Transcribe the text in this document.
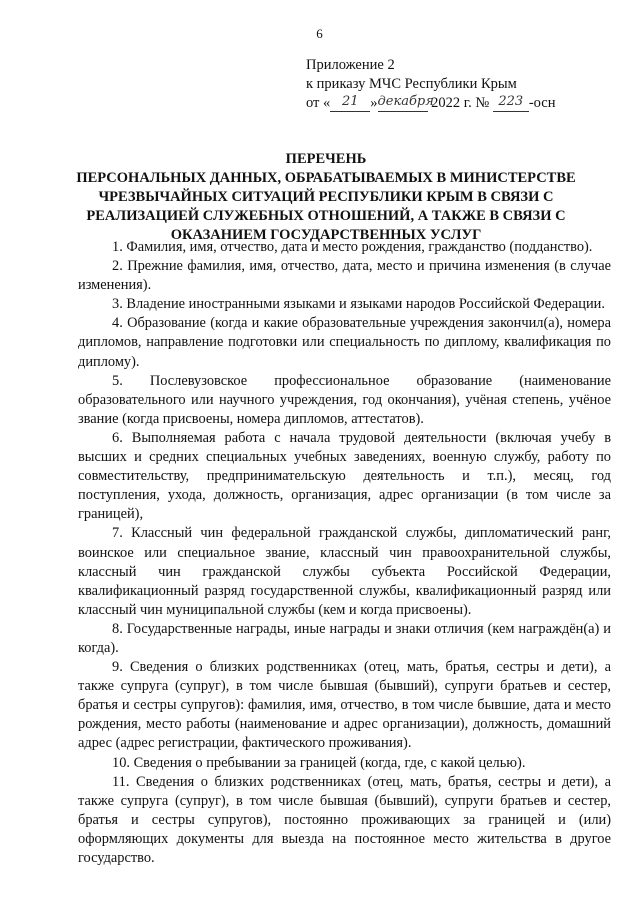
6
Приложение 2
к приказу МЧС Республики Крым
от « 21 »декабря 2022 г. № 223 -осн
ПЕРЕЧЕНЬ
ПЕРСОНАЛЬНЫХ ДАННЫХ, ОБРАБАТЫВАЕМЫХ В МИНИСТЕРСТВЕ
ЧРЕЗВЫЧАЙНЫХ СИТУАЦИЙ РЕСПУБЛИКИ КРЫМ В СВЯЗИ С
РЕАЛИЗАЦИЕЙ СЛУЖЕБНЫХ ОТНОШЕНИЙ, А ТАКЖЕ В СВЯЗИ С
ОКАЗАНИЕМ ГОСУДАРСТВЕННЫХ УСЛУГ

1. Фамилия, имя, отчество, дата и место рождения, гражданство (подданство).

2. Прежние фамилия, имя, отчество, дата, место и причина изменения (в случае изменения).

3. Владение иностранными языками и языками народов Российской Федерации.

4. Образование (когда и какие образовательные учреждения закончил(а), номера дипломов, направление подготовки или специальность по диплому, квалификация по диплому).

5. Послевузовское профессиональное образование (наименование образовательного или научного учреждения, год окончания), учёная степень, учёное звание (когда присвоены, номера дипломов, аттестатов).

6. Выполняемая работа с начала трудовой деятельности (включая учебу в высших и средних специальных учебных заведениях, военную службу, работу по совместительству, предпринимательскую деятельность и т.п.), месяц, год поступления, ухода, должность, организация, адрес организации (в том числе за границей),

7. Классный чин федеральной гражданской службы, дипломатический ранг, воинское или специальное звание, классный чин правоохранительной службы, классный чин гражданской службы субъекта Российской Федерации, квалификационный разряд государственной службы, квалификационный разряд или классный чин муниципальной службы (кем и когда присвоены).

8. Государственные награды, иные награды и знаки отличия (кем награждён(а) и когда).

9. Сведения о близких родственниках (отец, мать, братья, сестры и дети), а также супруга (супруг), в том числе бывшая (бывший), супруги братьев и сестер, братья и сестры супругов): фамилия, имя, отчество, в том числе бывшие, дата и место рождения, место работы (наименование и адрес организации), должность, домашний адрес (адрес регистрации, фактического проживания).

10. Сведения о пребывании за границей (когда, где, с какой целью).

11. Сведения о близких родственниках (отец, мать, братья, сестры и дети), а также супруга (супруг), в том числе бывшая (бывший), супруги братьев и сестер, братья и сестры супругов), постоянно проживающих за границей и (или) оформляющих документы для выезда на постоянное место жительства в другое государство.
